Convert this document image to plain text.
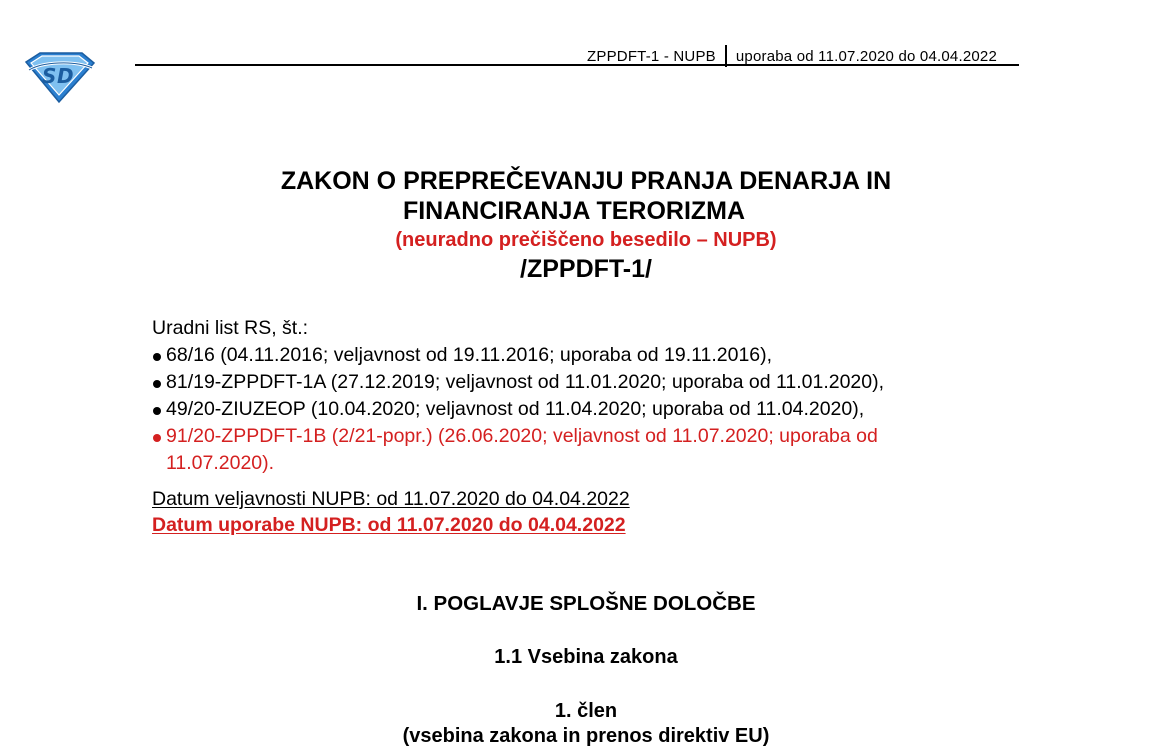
S D
ZPPDFT-1 - NUPB uporaba od 11.07.2020 do 04.04.2022
ZAKON O PREPREČEVANJU PRANJA DENARJA IN
FINANCIRANJA TERORIZMA
(neuradno prečiščeno besedilo – NUPB)
/ZPPDFT-1/
Uradni list RS, št.:
68/16 (04.11.2016; veljavnost od 19.11.2016; uporaba od 19.11.2016),
81/19-ZPPDFT-1A (27.12.2019; veljavnost od 11.01.2020; uporaba od 11.01.2020),
49/20-ZIUZEOP (10.04.2020; veljavnost od 11.04.2020; uporaba od 11.04.2020),
91/20-ZPPDFT-1B (2/21-popr.) (26.06.2020; veljavnost od 11.07.2020; uporaba od
11.07.2020).
Datum veljavnosti NUPB: od 11.07.2020 do 04.04.2022
Datum uporabe NUPB: od 11.07.2020 do 04.04.2022
I. POGLAVJE SPLOŠNE DOLOČBE
1.1 Vsebina zakona
1. člen
(vsebina zakona in prenos direktiv EU)
